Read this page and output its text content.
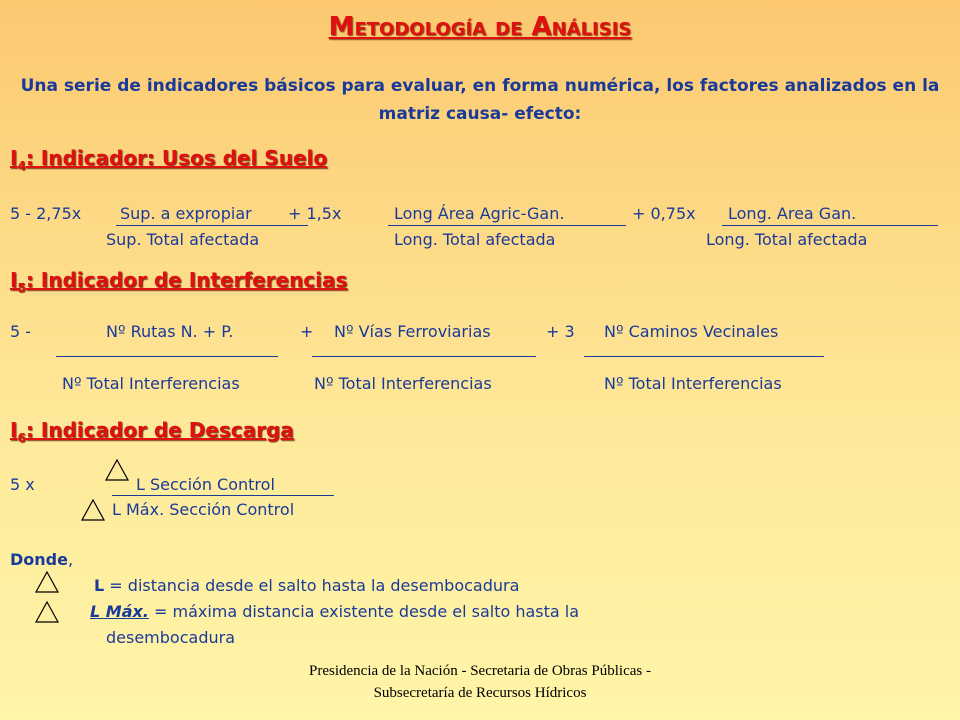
Metodología de Análisis
Una serie de indicadores básicos para evaluar, en forma numérica, los factores analizados en la matriz causa- efecto:
$I_4$: Indicador: Usos del Suelo
5 - 2,75x Sup. a expropiar + 1,5x	Long Área Agric-Gan.	+ 0,75x Long. Area Gan.
Sup. Total afectada	Long. Total afectada	Long. Total afectada
$I_5$: Indicador de Interferencias
5 -	Nº Rutas N. + P.	+ Nº Vías Ferroviarias	+ 3 Nº Caminos Vecinales
Nº Total Interferencias	Nº Total Interferencias	Nº Total Interferencias
$I_6$: Indicador de Descarga
5 x	L Sección Control
L Máx. Sección Control
Donde,
L = distancia desde el salto hasta la desembocadura
L Máx. = máxima distancia existente desde el salto hasta la
desembocadura
Presidencia de la Nación - Secretaria de Obras Públicas - Subsecretaría de Recursos Hídricos
